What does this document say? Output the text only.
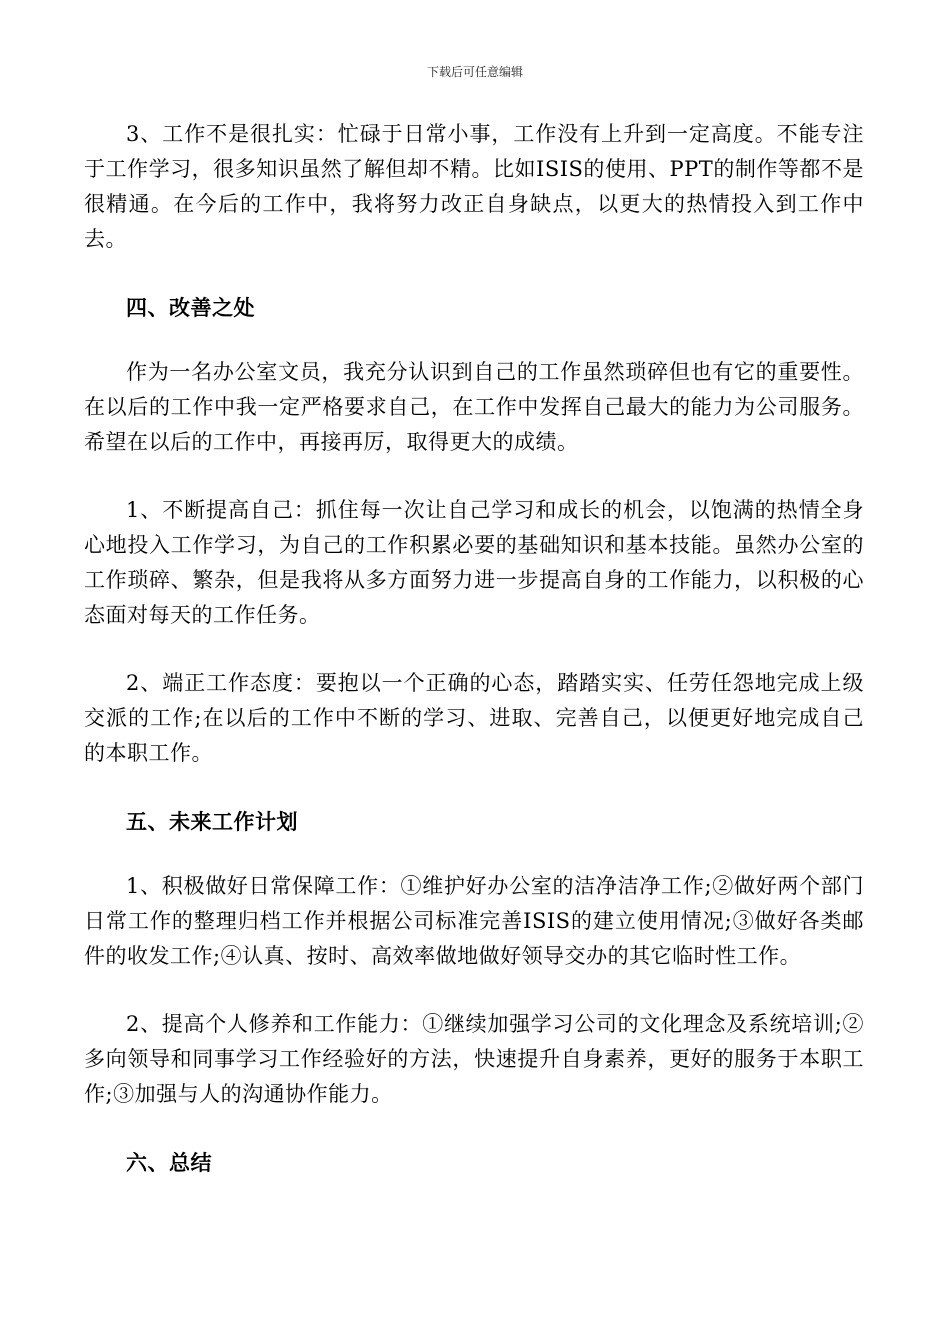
下载后可任意编辑

3、工作不是很扎实：忙碌于日常小事，工作没有上升到一定高度。不能专注于工作学习，很多知识虽然了解但却不精。比如ISIS的使用、PPT的制作等都不是很精通。在今后的工作中，我将努力改正自身缺点，以更大的热情投入到工作中去。

四、改善之处

作为一名办公室文员，我充分认识到自己的工作虽然琐碎但也有它的重要性。在以后的工作中我一定严格要求自己，在工作中发挥自己最大的能力为公司服务。希望在以后的工作中，再接再厉，取得更大的成绩。

1、不断提高自己：抓住每一次让自己学习和成长的机会，以饱满的热情全身心地投入工作学习，为自己的工作积累必要的基础知识和基本技能。虽然办公室的工作琐碎、繁杂，但是我将从多方面努力进一步提高自身的工作能力，以积极的心态面对每天的工作任务。

2、端正工作态度：要抱以一个正确的心态，踏踏实实、任劳任怨地完成上级交派的工作;在以后的工作中不断的学习、进取、完善自己，以便更好地完成自己的本职工作。

五、未来工作计划

1、积极做好日常保障工作：①维护好办公室的洁净洁净工作;②做好两个部门日常工作的整理归档工作并根据公司标准完善ISIS的建立使用情况;③做好各类邮件的收发工作;④认真、按时、高效率做地做好领导交办的其它临时性工作。

2、提高个人修养和工作能力：①继续加强学习公司的文化理念及系统培训;②多向领导和同事学习工作经验好的方法，快速提升自身素养，更好的服务于本职工作;③加强与人的沟通协作能力。

六、总结
